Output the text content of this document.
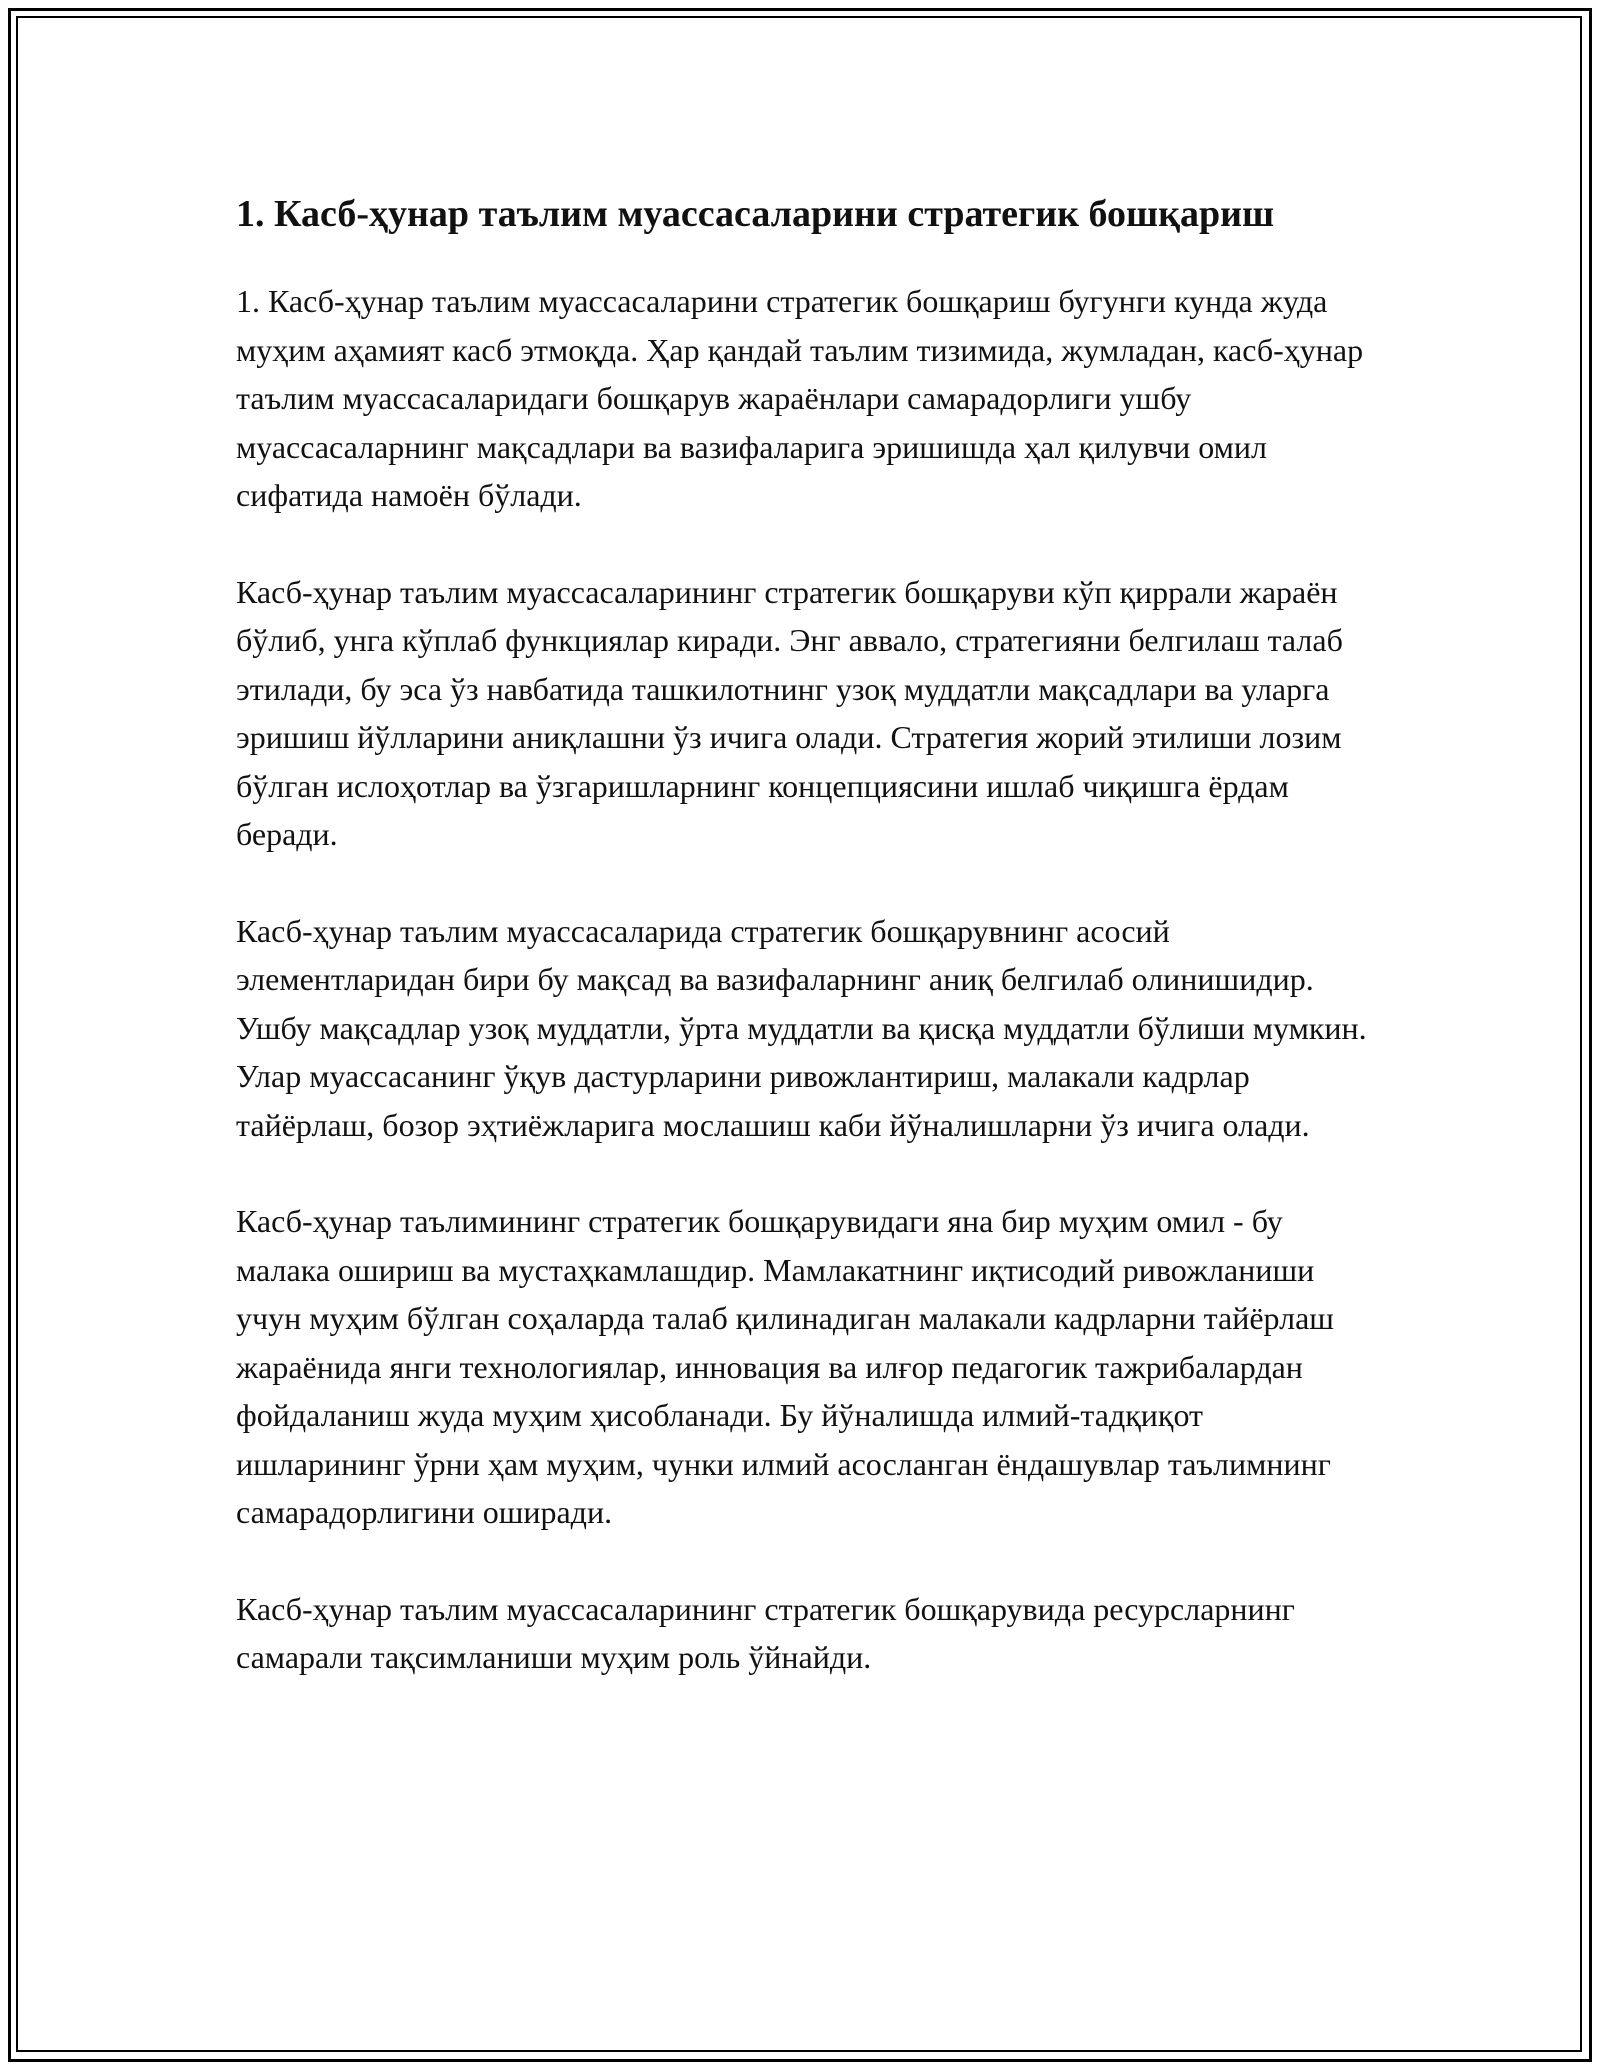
1. Касб-ҳунар таълим муассасаларини стратегик бошқариш

1. Касб-ҳунар таълим муассасаларини стратегик бошқариш бугунги кунда жуда муҳим аҳамият касб этмоқда. Ҳар қандай таълим тизимида, жумладан, касб-ҳунар таълим муассасаларидаги бошқарув жараёнлари самарадорлиги ушбу муассасаларнинг мақсадлари ва вазифаларига эришишда ҳал қилувчи омил сифатида намоён бўлади.

Касб-ҳунар таълим муассасаларининг стратегик бошқаруви кўп қиррали жараён бўлиб, унга кўплаб функциялар киради. Энг аввало, стратегияни белгилаш талаб этилади, бу эса ўз навбатида ташкилотнинг узоқ муддатли мақсадлари ва уларга эришиш йўлларини аниқлашни ўз ичига олади. Стратегия жорий этилиши лозим бўлган ислоҳотлар ва ўзгаришларнинг концепциясини ишлаб чиқишга ёрдам беради.

Касб-ҳунар таълим муассасаларида стратегик бошқарувнинг асосий элементларидан бири бу мақсад ва вазифаларнинг аниқ белгилаб олинишидир. Ушбу мақсадлар узоқ муддатли, ўрта муддатли ва қисқа муддатли бўлиши мумкин. Улар муассасанинг ўқув дастурларини ривожлантириш, малакали кадрлар тайёрлаш, бозор эҳтиёжларига мослашиш каби йўналишларни ўз ичига олади.

Касб-ҳунар таълимининг стратегик бошқарувидаги яна бир муҳим омил - бу малака ошириш ва мустаҳкамлашдир. Мамлакатнинг иқтисодий ривожланиши учун муҳим бўлган соҳаларда талаб қилинадиган малакали кадрларни тайёрлаш жараёнида янги технологиялар, инновация ва илғор педагогик тажрибалардан фойдаланиш жуда муҳим ҳисобланади. Бу йўналишда илмий-тадқиқот ишларининг ўрни ҳам муҳим, чунки илмий асосланган ёндашувлар таълимнинг самарадорлигини оширади.

Касб-ҳунар таълим муассасаларининг стратегик бошқарувида ресурсларнинг самарали тақсимланиши муҳим роль ўйнайди.
